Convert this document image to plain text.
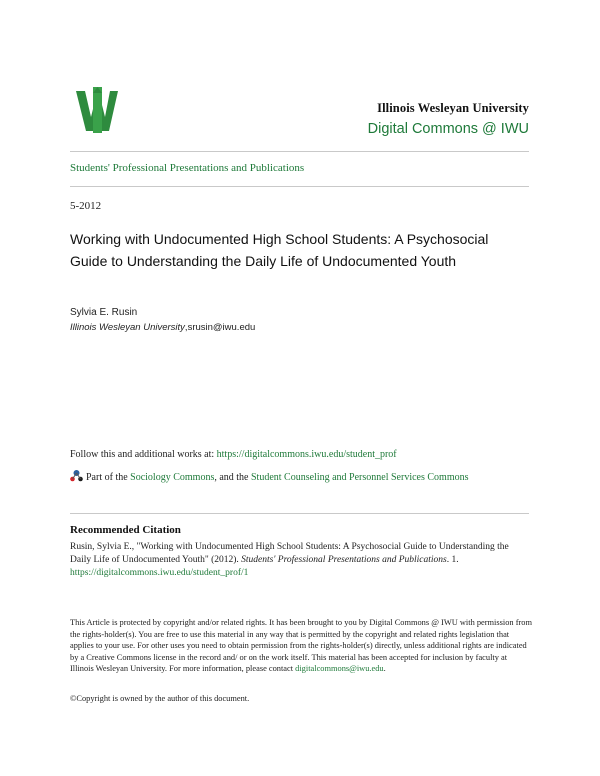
Illinois Wesleyan University
Digital Commons @ IWU
Students' Professional Presentations and Publications
5-2012
Working with Undocumented High School Students: A Psychosocial Guide to Understanding the Daily Life of Undocumented Youth
Sylvia E. Rusin
Illinois Wesleyan University,srusin@iwu.edu
Follow this and additional works at: https://digitalcommons.iwu.edu/student_prof
Part of the Sociology Commons, and the Student Counseling and Personnel Services Commons
Recommended Citation
Rusin, Sylvia E., "Working with Undocumented High School Students: A Psychosocial Guide to Understanding the Daily Life of Undocumented Youth" (2012). Students' Professional Presentations and Publications. 1.
https://digitalcommons.iwu.edu/student_prof/1
This Article is protected by copyright and/or related rights. It has been brought to you by Digital Commons @ IWU with permission from the rights-holder(s). You are free to use this material in any way that is permitted by the copyright and related rights legislation that applies to your use. For other uses you need to obtain permission from the rights-holder(s) directly, unless additional rights are indicated by a Creative Commons license in the record and/ or on the work itself. This material has been accepted for inclusion by faculty at Illinois Wesleyan University. For more information, please contact digitalcommons@iwu.edu.
©Copyright is owned by the author of this document.
